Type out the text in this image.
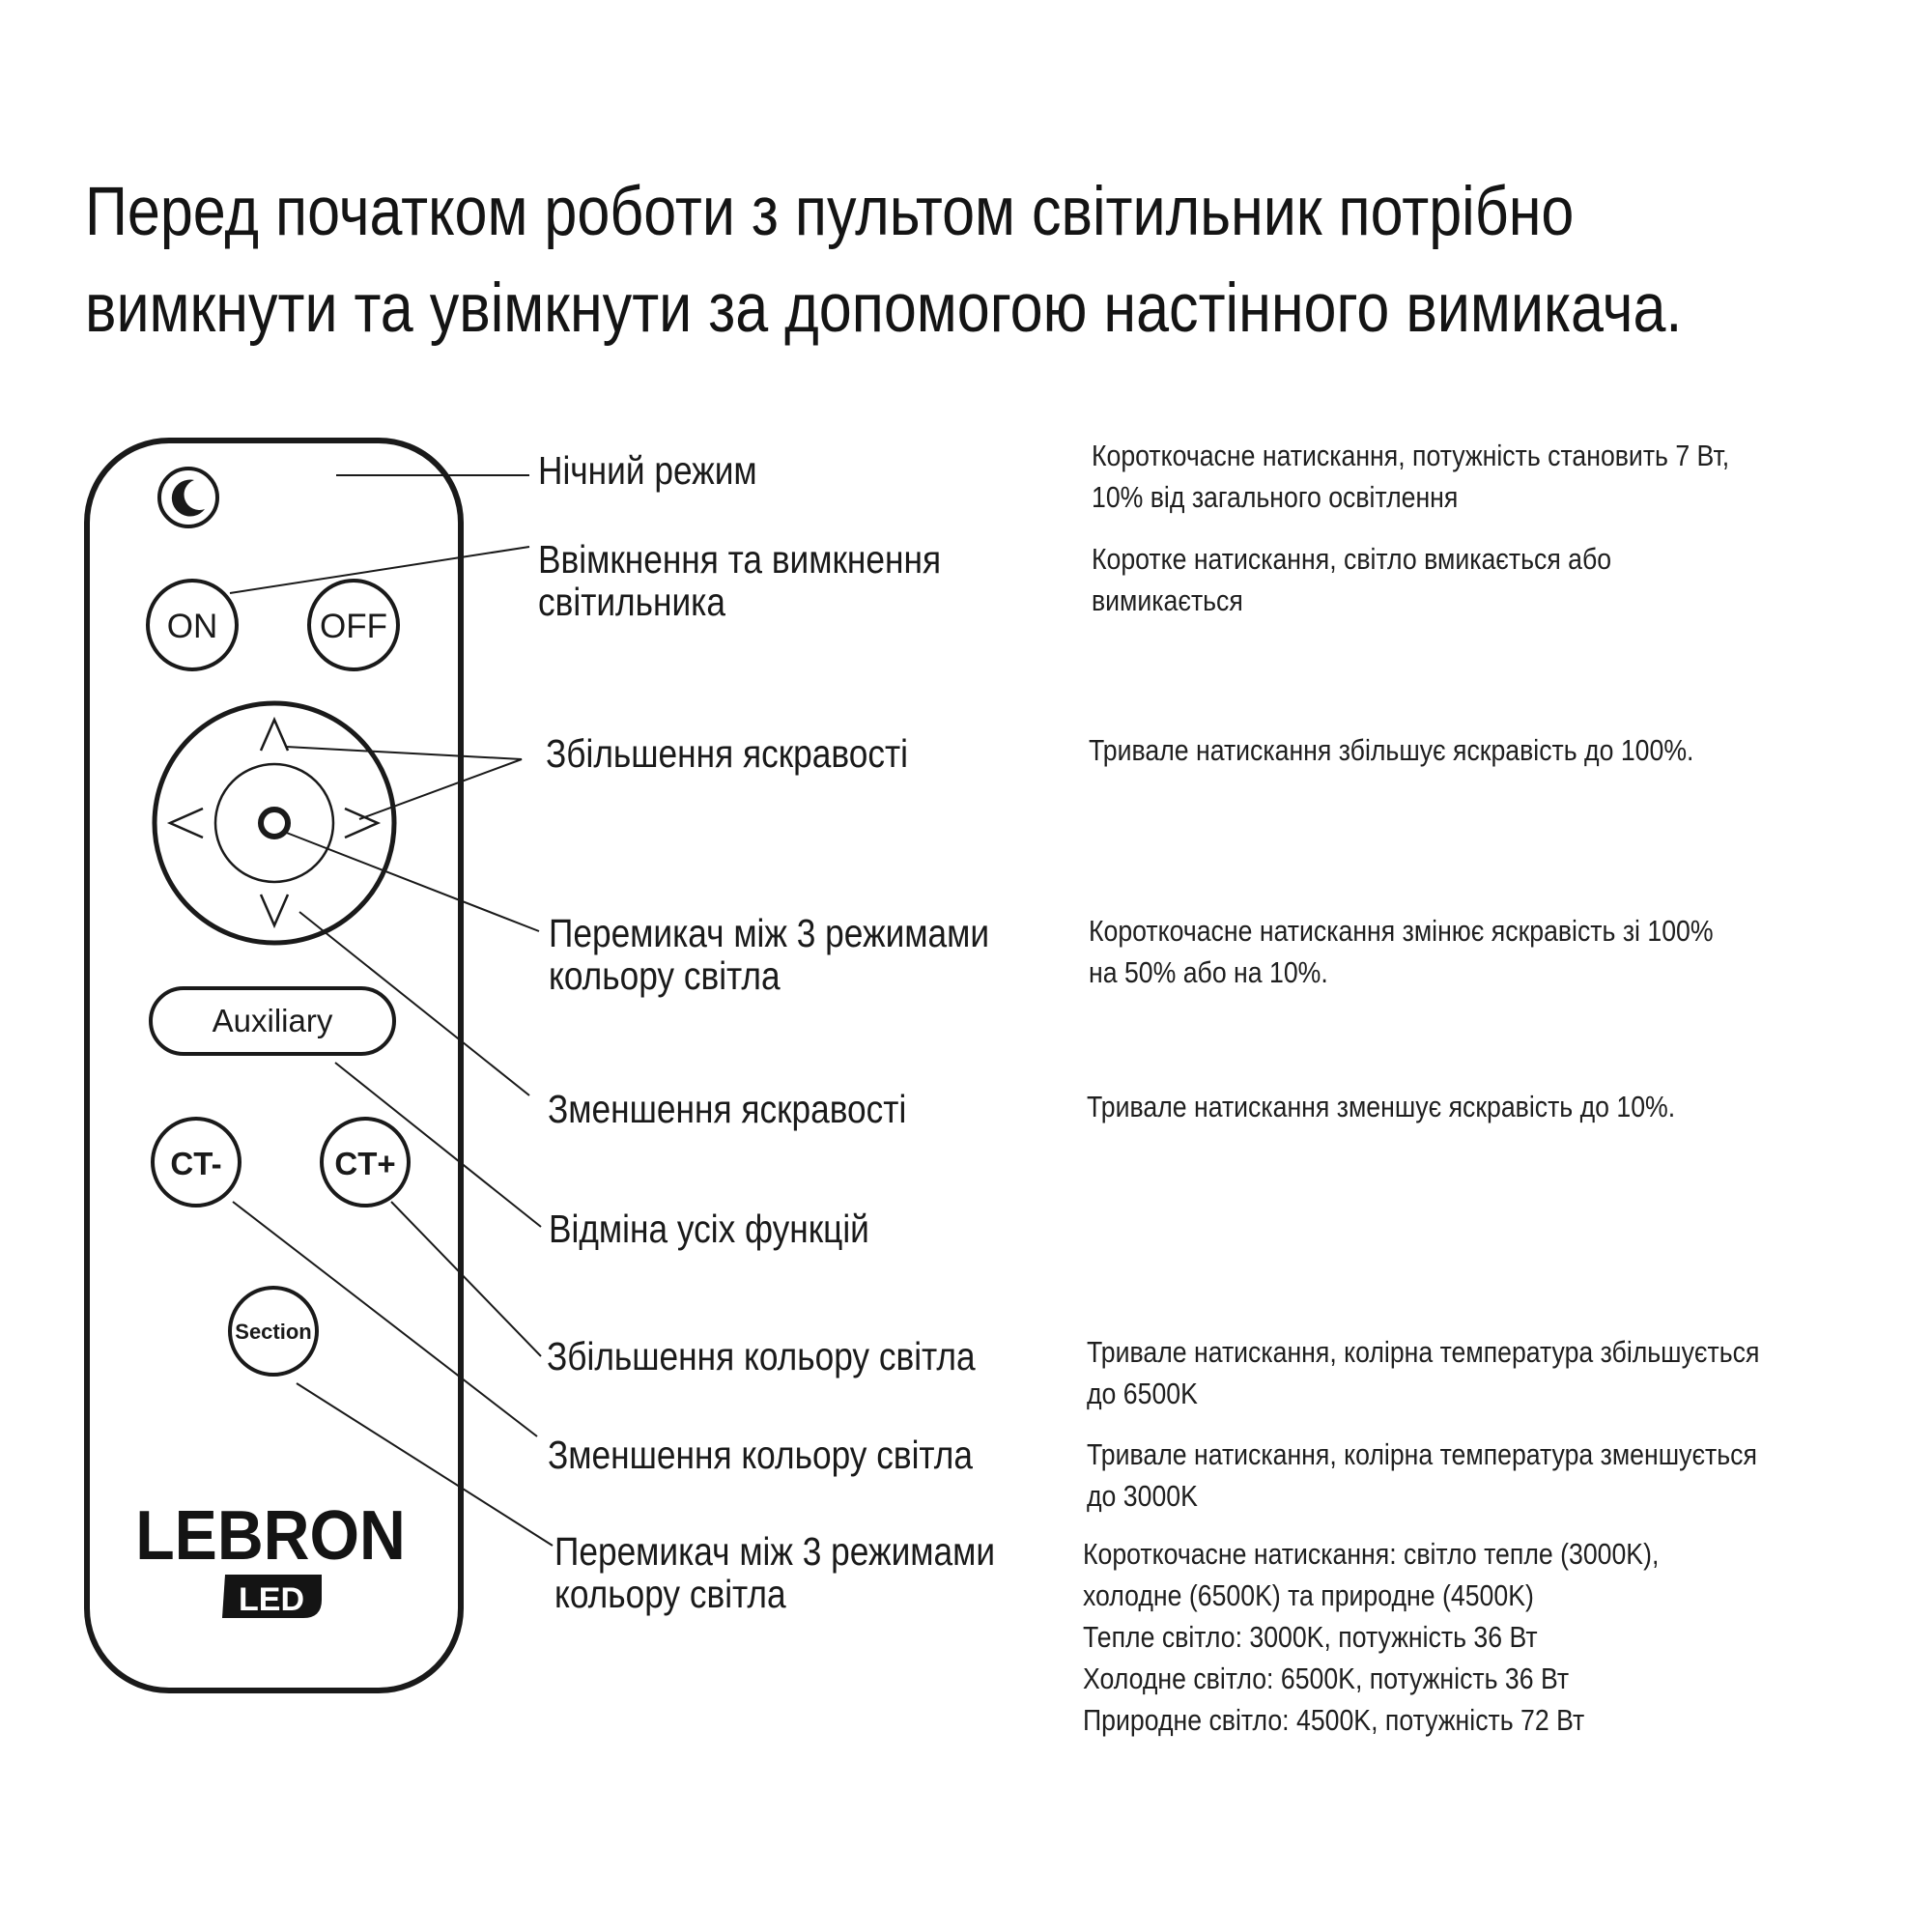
Перед початком роботи з пультом світильник потрібно
вимкнути та увімкнути за допомогою настінного вимикача.
ON	OFF
Auxiliary
CT-	CT+
Section
LEBRON
LED
Нічний режим
Ввімкнення та вимкнення
світильника
Збільшення яскравості
Перемикач між 3 режимами
кольору світла
Зменшення яскравості
Відміна усіх функцій
Збільшення кольору світла
Зменшення кольору світла
Перемикач між 3 режимами
кольору світла
Короткочасне натискання, потужність становить 7 Вт,
10% від загального освітлення
Коротке натискання, світло вмикається або
вимикається
Тривале натискання збільшує яскравість до 100%.
Короткочасне натискання змінює яскравість зі 100%
на 50% або на 10%.
Тривале натискання зменшує яскравість до 10%.
Тривале натискання, колірна температура збільшується
до 6500K
Тривале натискання, колірна температура зменшується
до 3000K
Короткочасне натискання: світло тепле (3000K),
холодне (6500K) та природне (4500K)
Тепле світло: 3000K, потужність 36 Вт
Холодне світло: 6500K, потужність 36 Вт
Природне світло: 4500K, потужність 72 Вт
